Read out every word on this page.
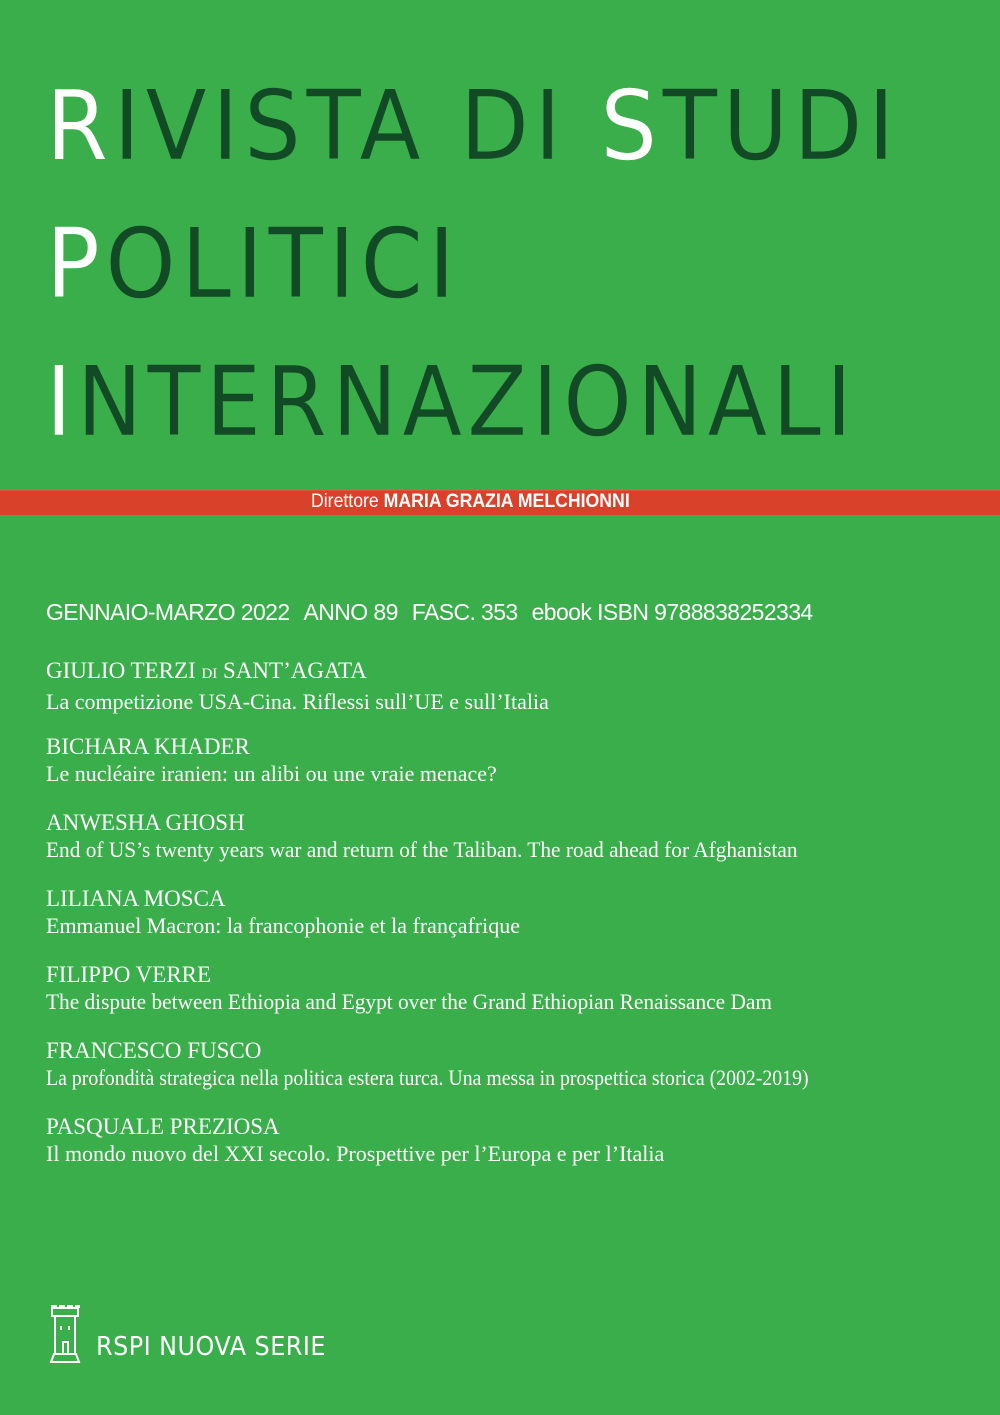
RIVISTA DI STUDI
POLITICI
INTERNAZIONALI
Direttore MARIA GRAZIA MELCHIONNI
GENNAIO-MARZO 2022 ANNO 89 FASC. 353 ebook ISBN 9788838252334
GIULIO TERZI DI SANT’AGATA
La competizione USA-Cina. Riflessi sull’UE e sull’Italia
BICHARA KHADER
Le nucléaire iranien: un alibi ou une vraie menace?
ANWESHA GHOSH
End of US’s twenty years war and return of the Taliban. The road ahead for Afghanistan
LILIANA MOSCA
Emmanuel Macron: la francophonie et la françafrique
FILIPPO VERRE
The dispute between Ethiopia and Egypt over the Grand Ethiopian Renaissance Dam
FRANCESCO FUSCO
La profondità strategica nella politica estera turca. Una messa in prospettica storica (2002-2019)
PASQUALE PREZIOSA
Il mondo nuovo del XXI secolo. Prospettive per l’Europa e per l’Italia
RSPI NUOVA SERIE
